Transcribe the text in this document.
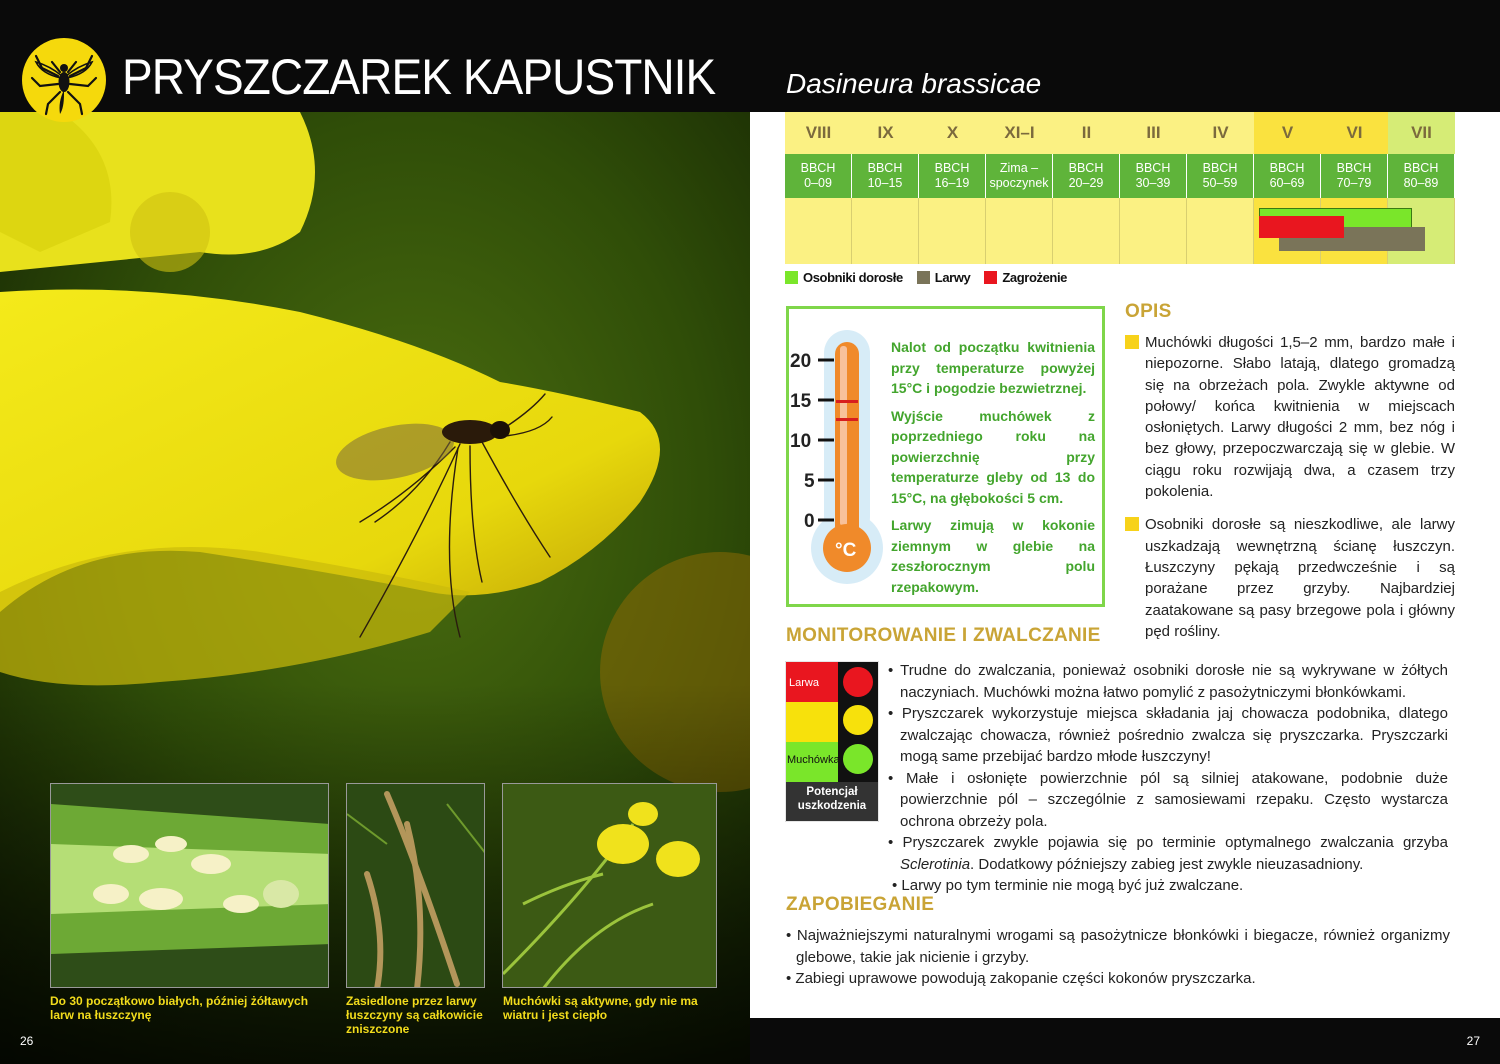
PRYSZCZAREK KAPUSTNIK	Dasineura brassicae
Do 30 początkowo białych, później żółtawych larw na łuszczynę
Zasiedlone przez larwy łuszczyny są całkowicie zniszczone
Muchówki są aktywne, gdy nie ma wiatru i jest ciepło
26	27
VIII
BBCH
0–09
IX
BBCH
10–15
X
BBCH
16–19
XI–I
Zima –
spoczynek
II
BBCH
20–29
III
BBCH
30–39
IV
BBCH
50–59
V
BBCH
60–69
VI
BBCH
70–79
VII
BBCH
80–89
Osobniki dorosłe Larwy Zagrożenie
20
15
10
5
0
°C

Nalot od początku kwitnienia przy temperaturze powyżej 15°C i pogodzie bezwietrznej.

Wyjście muchówek z poprzedniego roku na powierzchnię przy temperaturze gleby od 13 do 15°C, na głębokości 5 cm.

Larwy zimują w kokonie ziemnym w glebie na zeszłorocznym polu rzepakowym.

OPIS
Muchówki długości 1,5–2 mm, bardzo małe i niepozorne. Słabo latają, dlatego gromadzą się na obrzeżach pola. Zwykle aktywne od połowy/ końca kwitnienia w miejscach osłoniętych. Larwy długości 2 mm, bez nóg i bez głowy, przepoczwarczają się w glebie. W ciągu roku rozwijają dwa, a czasem trzy pokolenia.
Osobniki dorosłe są nieszkodliwe, ale larwy uszkadzają wewnętrzną ścianę łuszczyn. Łuszczyny pękają przedwcześnie i są porażane przez grzyby. Najbardziej zaatakowane są pasy brzegowe pola i główny pęd rośliny.
MONITOROWANIE I ZWALCZANIE
Larwa
Muchówka
Potencjał uszkodzenia
• Trudne do zwalczania, ponieważ osobniki dorosłe nie są wykrywane w żółtych naczyniach. Muchówki można łatwo pomylić z pasożytniczymi błonkówkami.
• Pryszczarek wykorzystuje miejsca składania jaj chowacza podobnika, dlatego zwalczając chowacza, również pośrednio zwalcza się pryszczarka. Pryszczarki mogą same przebijać bardzo młode łuszczyny!
• Małe i osłonięte powierzchnie pól są silniej atakowane, podobnie duże powierzchnie pól – szczególnie z samosiewami rzepaku. Często wystarcza ochrona obrzeży pola.
• Pryszczarek zwykle pojawia się po terminie optymalnego zwalczania grzyba Sclerotinia. Dodatkowy późniejszy zabieg jest zwykle nieuzasadniony.
• Larwy po tym terminie nie mogą być już zwalczane.
ZAPOBIEGANIE
• Najważniejszymi naturalnymi wrogami są pasożytnicze błonkówki i biegacze, również organizmy glebowe, takie jak nicienie i grzyby.
• Zabiegi uprawowe powodują zakopanie części kokonów pryszczarka.
